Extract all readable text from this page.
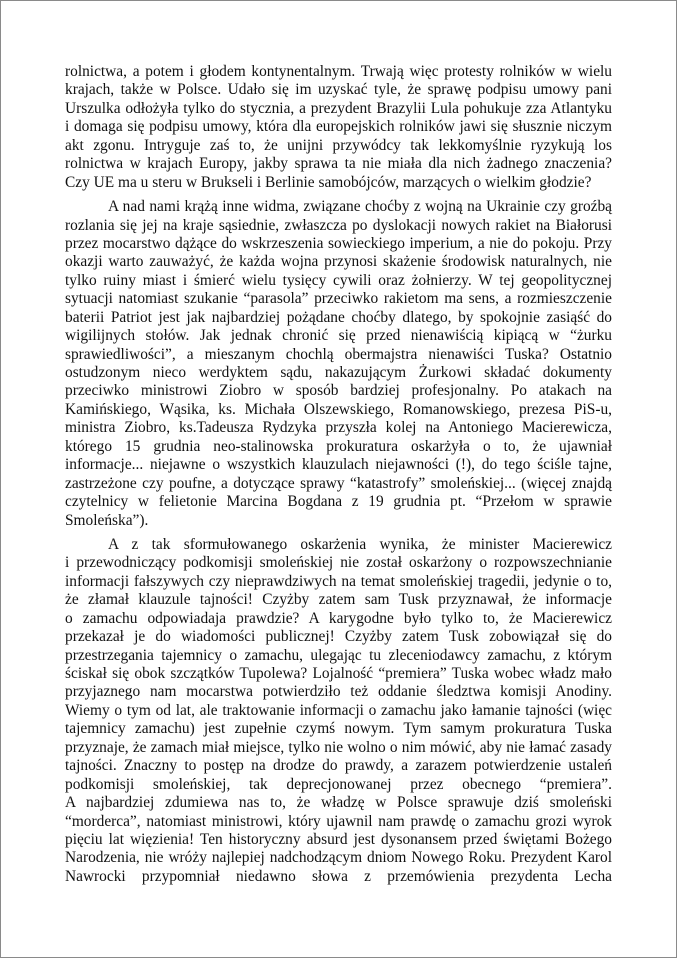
rolnictwa, a potem i głodem kontynentalnym. Trwają więc protesty rolników w wielu
krajach, także w Polsce. Udało się im uzyskać tyle, że sprawę podpisu umowy pani
Urszulka odłożyła tylko do stycznia, a prezydent Brazylii Lula pohukuje zza Atlantyku
i domaga się podpisu umowy, która dla europejskich rolników jawi się słusznie niczym
akt zgonu. Intryguje zaś to, że unijni przywódcy tak lekkomyślnie ryzykują los
rolnictwa w krajach Europy, jakby sprawa ta nie miała dla nich żadnego znaczenia?
Czy UE ma u steru w Brukseli i Berlinie samobójców, marzących o wielkim głodzie?
A nad nami krążą inne widma, związane choćby z wojną na Ukrainie czy groźbą
rozlania się jej na kraje sąsiednie, zwłaszcza po dyslokacji nowych rakiet na Białorusi
przez mocarstwo dążące do wskrzeszenia sowieckiego imperium, a nie do pokoju. Przy
okazji warto zauważyć, że każda wojna przynosi skażenie środowisk naturalnych, nie
tylko ruiny miast i śmierć wielu tysięcy cywili oraz żołnierzy. W tej geopolitycznej
sytuacji natomiast szukanie “parasola” przeciwko rakietom ma sens, a rozmieszczenie
baterii Patriot jest jak najbardziej pożądane choćby dlatego, by spokojnie zasiąść do
wigilijnych stołów. Jak jednak chronić się przed nienawiścią kipiącą w “żurku
sprawiedliwości”, a mieszanym chochlą obermajstra nienawiści Tuska? Ostatnio
ostudzonym nieco werdyktem sądu, nakazującym Żurkowi składać dokumenty
przeciwko ministrowi Ziobro w sposób bardziej profesjonalny. Po atakach na
Kamińskiego, Wąsika, ks. Michała Olszewskiego, Romanowskiego, prezesa PiS-u,
ministra Ziobro, ks.Tadeusza Rydzyka przyszła kolej na Antoniego Macierewicza,
którego 15 grudnia neo-stalinowska prokuratura oskarżyła o to, że ujawniał
informacje... niejawne o wszystkich klauzulach niejawności (!), do tego ściśle tajne,
zastrzeżone czy poufne, a dotyczące sprawy “katastrofy” smoleńskiej... (więcej znajdą
czytelnicy w felietonie Marcina Bogdana z 19 grudnia pt. “Przełom w sprawie
Smoleńska”).
A z tak sformułowanego oskarżenia wynika, że minister Macierewicz
i przewodniczący podkomisji smoleńskiej nie został oskarżony o rozpowszechnianie
informacji fałszywych czy nieprawdziwych na temat smoleńskiej tragedii, jedynie o to,
że złamał klauzule tajności! Czyżby zatem sam Tusk przyznawał, że informacje
o zamachu odpowiadaja prawdzie? A karygodne było tylko to, że Macierewicz
przekazał je do wiadomości publicznej! Czyżby zatem Tusk zobowiązał się do
przestrzegania tajemnicy o zamachu, ulegając tu zleceniodawcy zamachu, z którym
ściskał się obok szczątków Tupolewa? Lojalność “premiera” Tuska wobec władz mało
przyjaznego nam mocarstwa potwierdziło też oddanie śledztwa komisji Anodiny.
Wiemy o tym od lat, ale traktowanie informacji o zamachu jako łamanie tajności (więc
tajemnicy zamachu) jest zupełnie czymś nowym. Tym samym prokuratura Tuska
przyznaje, że zamach miał miejsce, tylko nie wolno o nim mówić, aby nie łamać zasady
tajności. Znaczny to postęp na drodze do prawdy, a zarazem potwierdzenie ustaleń
podkomisji smoleńskiej, tak deprecjonowanej przez obecnego “premiera”.
A najbardziej zdumiewa nas to, że władzę w Polsce sprawuje dziś smoleński
“morderca”, natomiast ministrowi, który ujawnil nam prawdę o zamachu grozi wyrok
pięciu lat więzienia! Ten historyczny absurd jest dysonansem przed świętami Bożego
Narodzenia, nie wróży najlepiej nadchodzącym dniom Nowego Roku. Prezydent Karol
Nawrocki przypomniał niedawno słowa z przemówienia prezydenta Lecha
